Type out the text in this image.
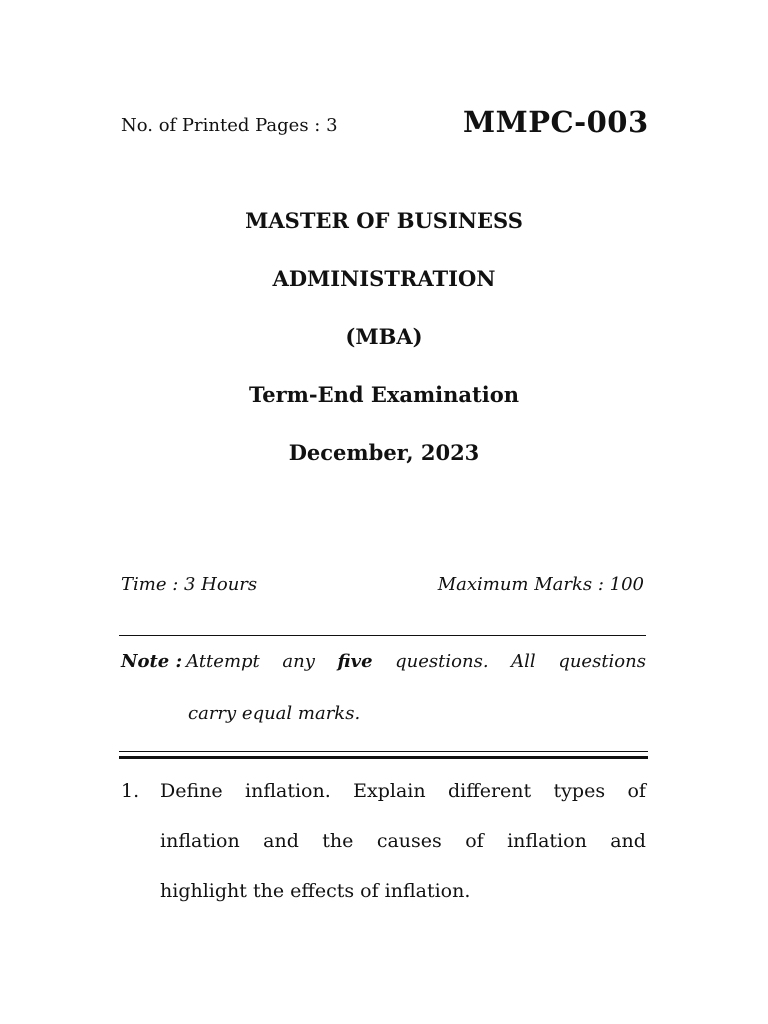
No. of Printed Pages : 3	MMPC-003
MASTER OF BUSINESS
ADMINISTRATION
(MBA)
Term-End Examination
December, 2023
Time : 3 Hours	Maximum Marks : 100
Note : Attempt any five questions. All questions
carry equal marks.
1. Define inflation. Explain different types of
inflation and the causes of inflation and
highlight the effects of inflation.
